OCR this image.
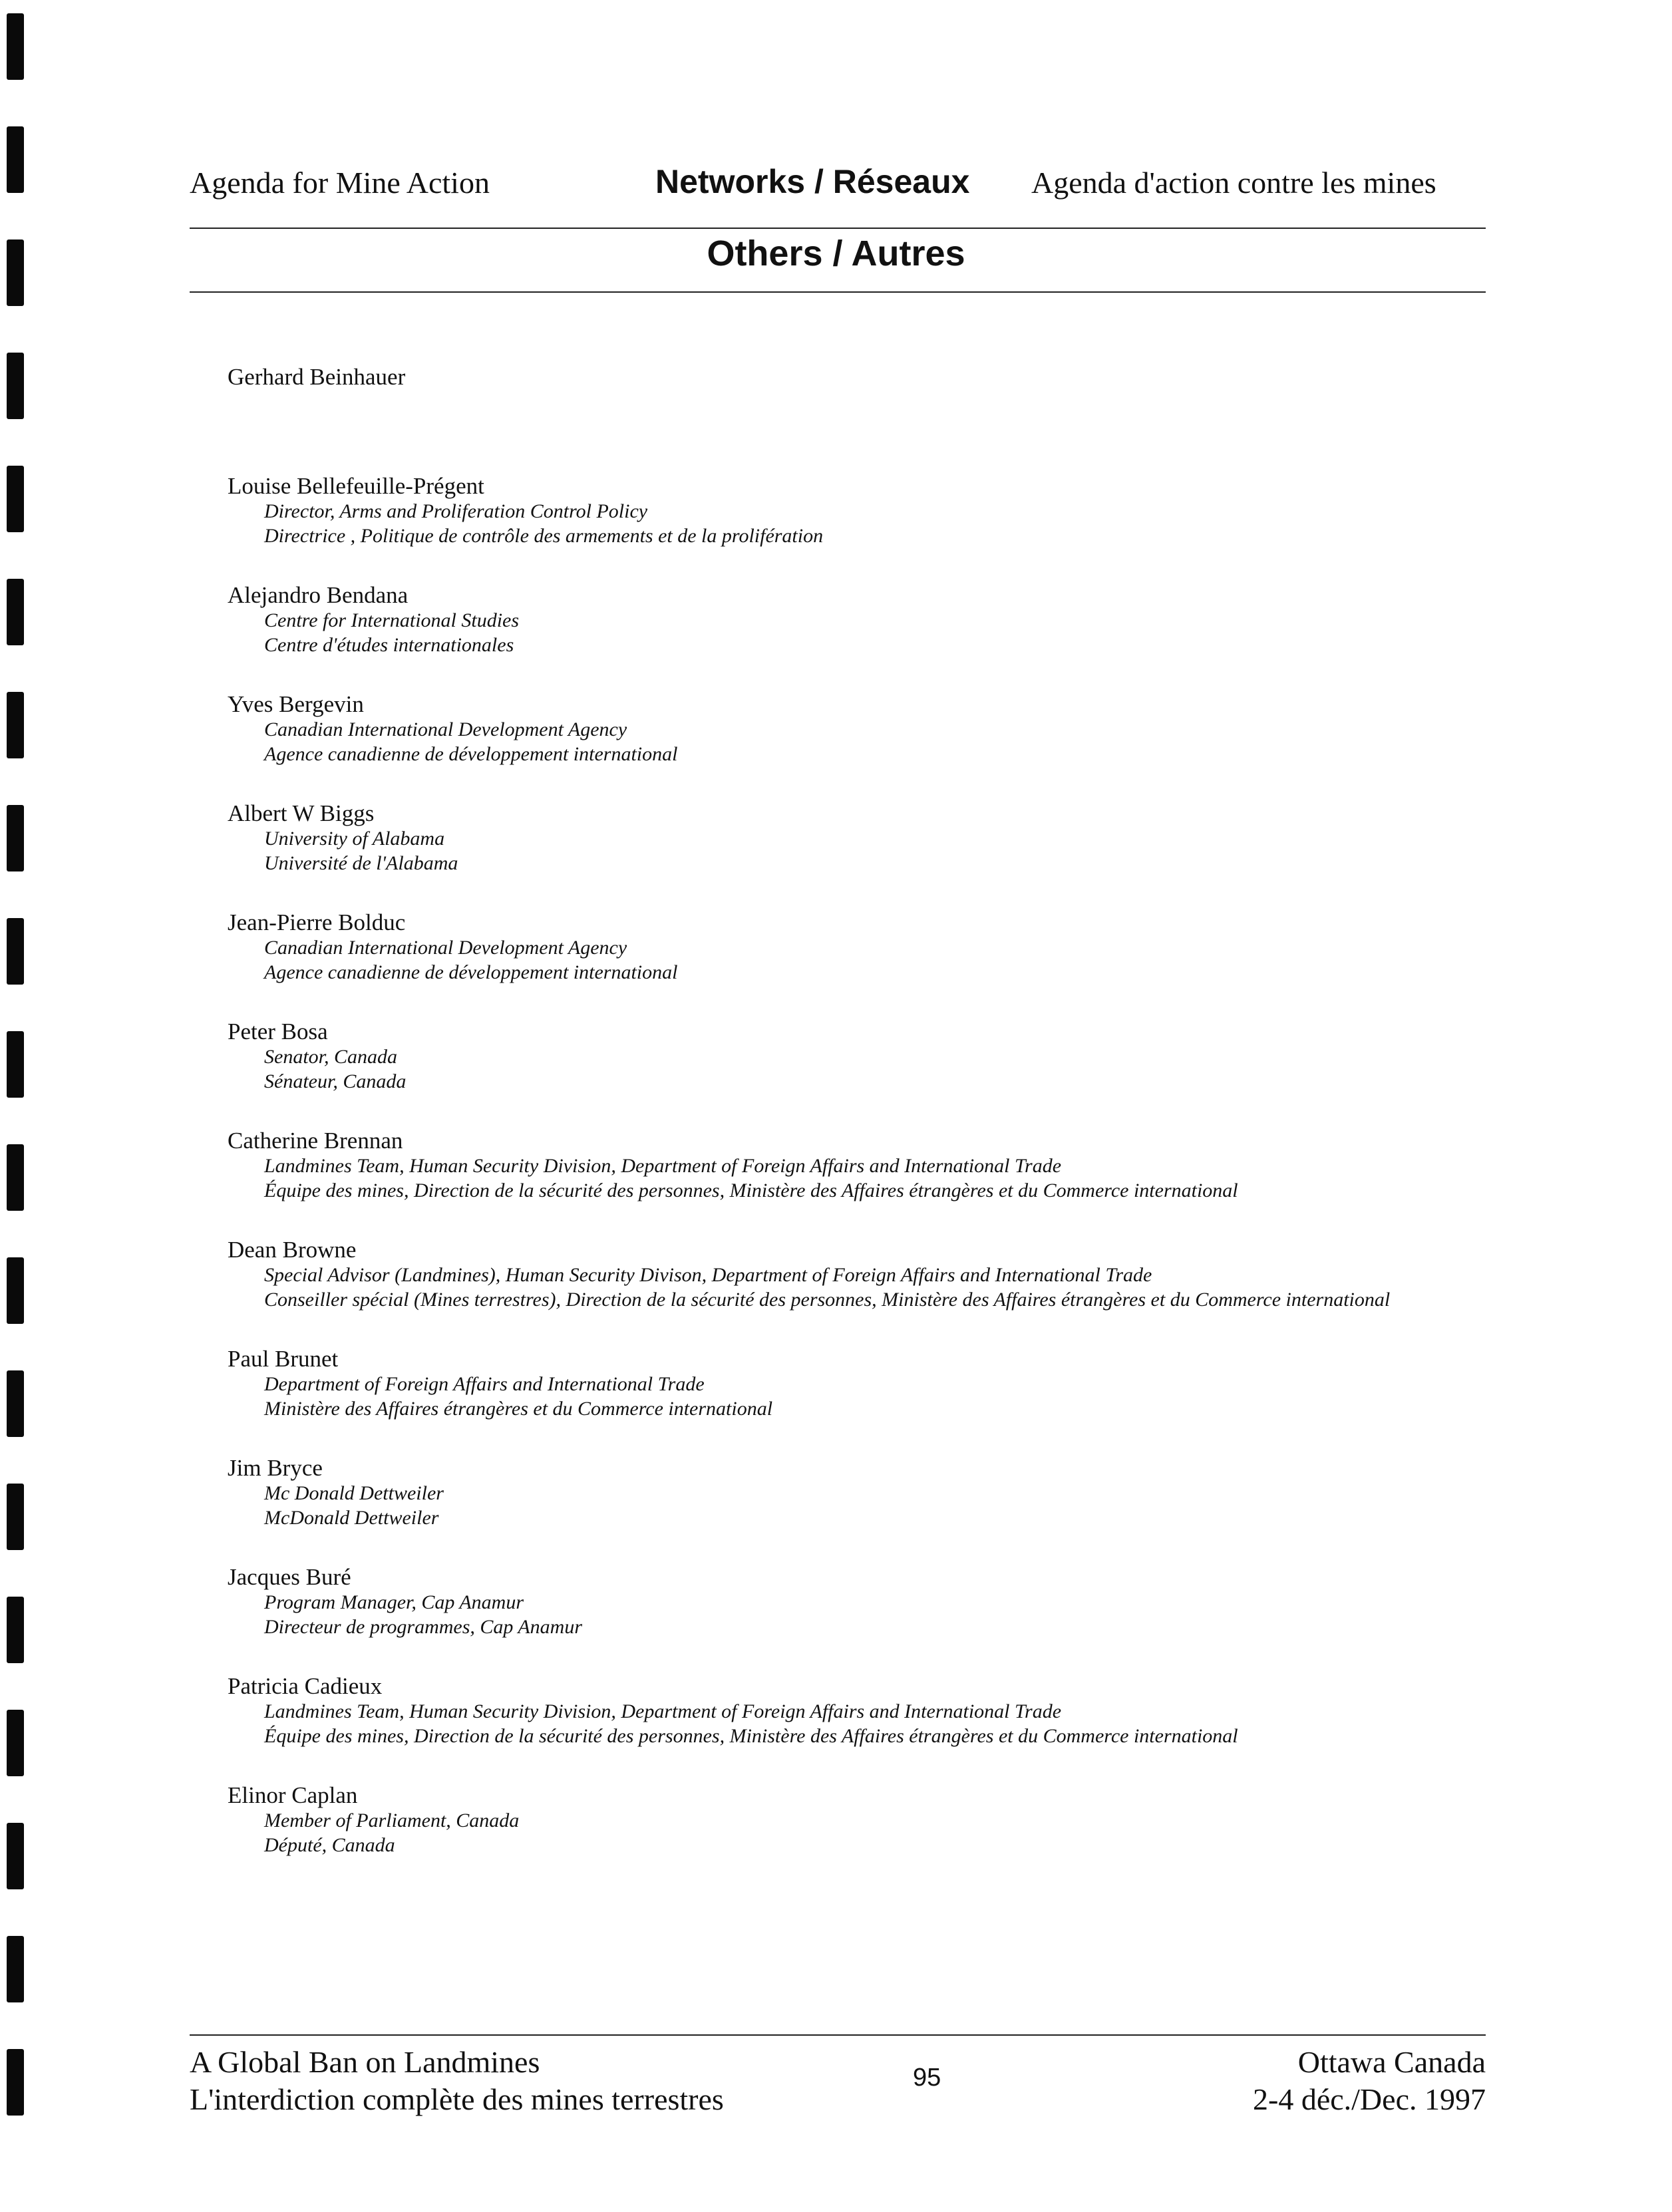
Agenda for Mine Action	Networks / Réseaux Agenda d'action contre les mines
Others / Autres
Gerhard Beinhauer
Louise Bellefeuille-Prégent
Director, Arms and Proliferation Control Policy
Directrice , Politique de contrôle des armements et de la prolifération
Alejandro Bendana
Centre for International Studies
Centre d'études internationales
Yves Bergevin
Canadian International Development Agency
Agence canadienne de développement international
Albert W Biggs
University of Alabama
Université de l'Alabama
Jean-Pierre Bolduc
Canadian International Development Agency
Agence canadienne de développement international
Peter Bosa
Senator, Canada
Sénateur, Canada
Catherine Brennan
Landmines Team, Human Security Division, Department of Foreign Affairs and International Trade
Équipe des mines, Direction de la sécurité des personnes, Ministère des Affaires étrangères et du Commerce international
Dean Browne
Special Advisor (Landmines), Human Security Divison, Department of Foreign Affairs and International Trade
Conseiller spécial (Mines terrestres), Direction de la sécurité des personnes, Ministère des Affaires étrangères et du Commerce international
Paul Brunet
Department of Foreign Affairs and International Trade
Ministère des Affaires étrangères et du Commerce international
Jim Bryce
Mc Donald Dettweiler
McDonald Dettweiler
Jacques Buré
Program Manager, Cap Anamur
Directeur de programmes, Cap Anamur
Patricia Cadieux
Landmines Team, Human Security Division, Department of Foreign Affairs and International Trade
Équipe des mines, Direction de la sécurité des personnes, Ministère des Affaires étrangères et du Commerce international
Elinor Caplan
Member of Parliament, Canada
Député, Canada
A Global Ban on Landmines
L'interdiction complète des mines terrestres
95	Ottawa Canada
2-4 déc./Dec. 1997
